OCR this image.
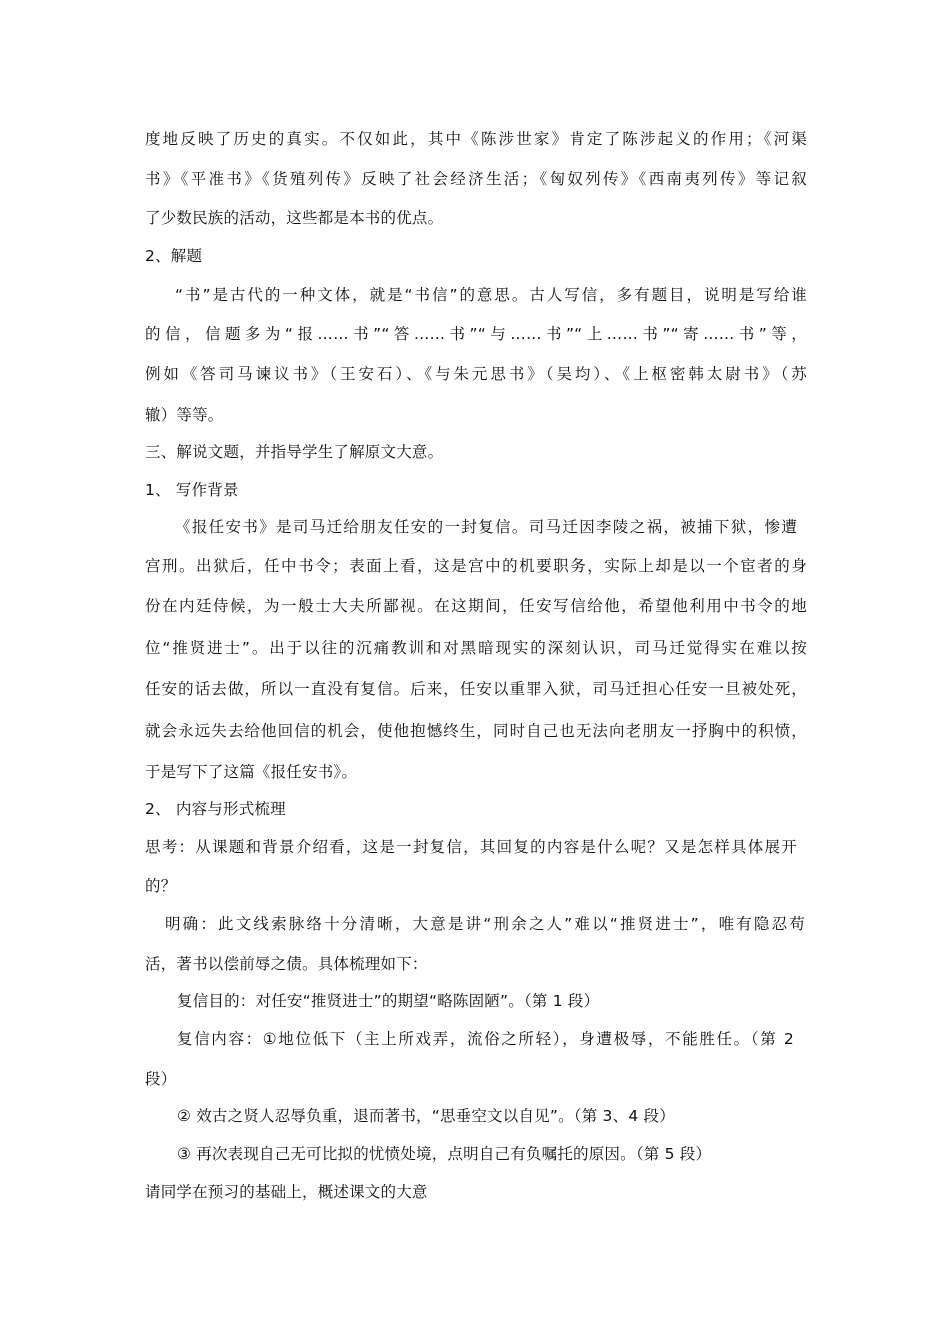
度地反映了历史的真实。不仅如此，其中《陈涉世家》肯定了陈涉起义的作用；《河渠
书》《平准书》《货殖列传》反映了社会经济生活；《匈奴列传》《西南夷列传》等记叙
了少数民族的活动，这些都是本书的优点。
2、解题
“书”是古代的一种文体，就是“书信”的意思。古人写信，多有题目，说明是写给谁
的信，信题多为“报……书”“答……书”“与……书”“上……书”“寄……书”等，
例如《答司马谏议书》（王安石）、《与朱元思书》（吴均）、《上枢密韩太尉书》（苏
辙）等等。
三、解说文题，并指导学生了解原文大意。
1、 写作背景
《报任安书》是司马迁给朋友任安的一封复信。司马迁因李陵之祸，被捕下狱，惨遭
宫刑。出狱后，任中书令；表面上看，这是宫中的机要职务，实际上却是以一个宦者的身
份在内廷侍候，为一般士大夫所鄙视。在这期间，任安写信给他，希望他利用中书令的地
位“推贤进士”。出于以往的沉痛教训和对黑暗现实的深刻认识，司马迁觉得实在难以按
任安的话去做，所以一直没有复信。后来，任安以重罪入狱，司马迁担心任安一旦被处死，
就会永远失去给他回信的机会，使他抱憾终生，同时自己也无法向老朋友一抒胸中的积愤，
于是写下了这篇《报任安书》。
2、 内容与形式梳理
思考：从课题和背景介绍看，这是一封复信，其回复的内容是什么呢？又是怎样具体展开
的？
明确：此文线索脉络十分清晰，大意是讲“刑余之人”难以“推贤进士”，唯有隐忍苟
活，著书以偿前辱之债。具体梳理如下：
复信目的：对任安“推贤进士”的期望“略陈固陋”。（第 1 段）
复信内容：①地位低下（主上所戏弄，流俗之所轻），身遭极辱，不能胜任。（第 2
段）
② 效古之贤人忍辱负重，退而著书，“思垂空文以自见”。（第 3、4 段）
③ 再次表现自己无可比拟的忧愤处境，点明自己有负嘱托的原因。（第 5 段）
请同学在预习的基础上，概述课文的大意
